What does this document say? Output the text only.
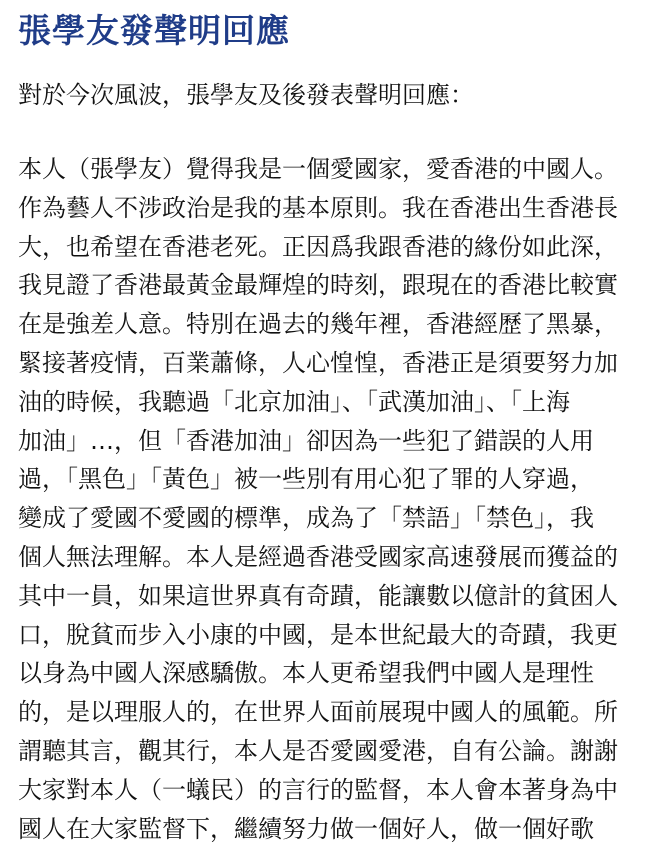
張學友發聲明回應

對於今次風波，張學友及後發表聲明回應：

本人（張學友）覺得我是一個愛國家，愛香港的中國人。
作為藝人不涉政治是我的基本原則。我在香港出生香港長
大，也希望在香港老死。正因爲我跟香港的緣份如此深，
我見證了香港最黃金最輝煌的時刻，跟現在的香港比較實
在是強差人意。特別在過去的幾年裡，香港經歷了黑暴，
緊接著疫情，百業蕭條，人心惶惶，香港正是須要努力加
油的時候，我聽過「北京加油」、「武漢加油」、「上海
加油」…，但「香港加油」卻因為一些犯了錯誤的人用
過，「黑色」「黃色」被一些別有用心犯了罪的人穿過，
變成了愛國不愛國的標準，成為了「禁語」「禁色」，我
個人無法理解。本人是經過香港受國家高速發展而獲益的
其中一員，如果這世界真有奇蹟，能讓數以億計的貧困人
口，脫貧而步入小康的中國，是本世紀最大的奇蹟，我更
以身為中國人深感驕傲。本人更希望我們中國人是理性
的，是以理服人的，在世界人面前展現中國人的風範。所
謂聽其言，觀其行，本人是否愛國愛港，自有公論。謝謝
大家對本人（一蟻民）的言行的監督，本人會本著身為中
國人在大家監督下，繼續努力做一個好人，做一個好歌
